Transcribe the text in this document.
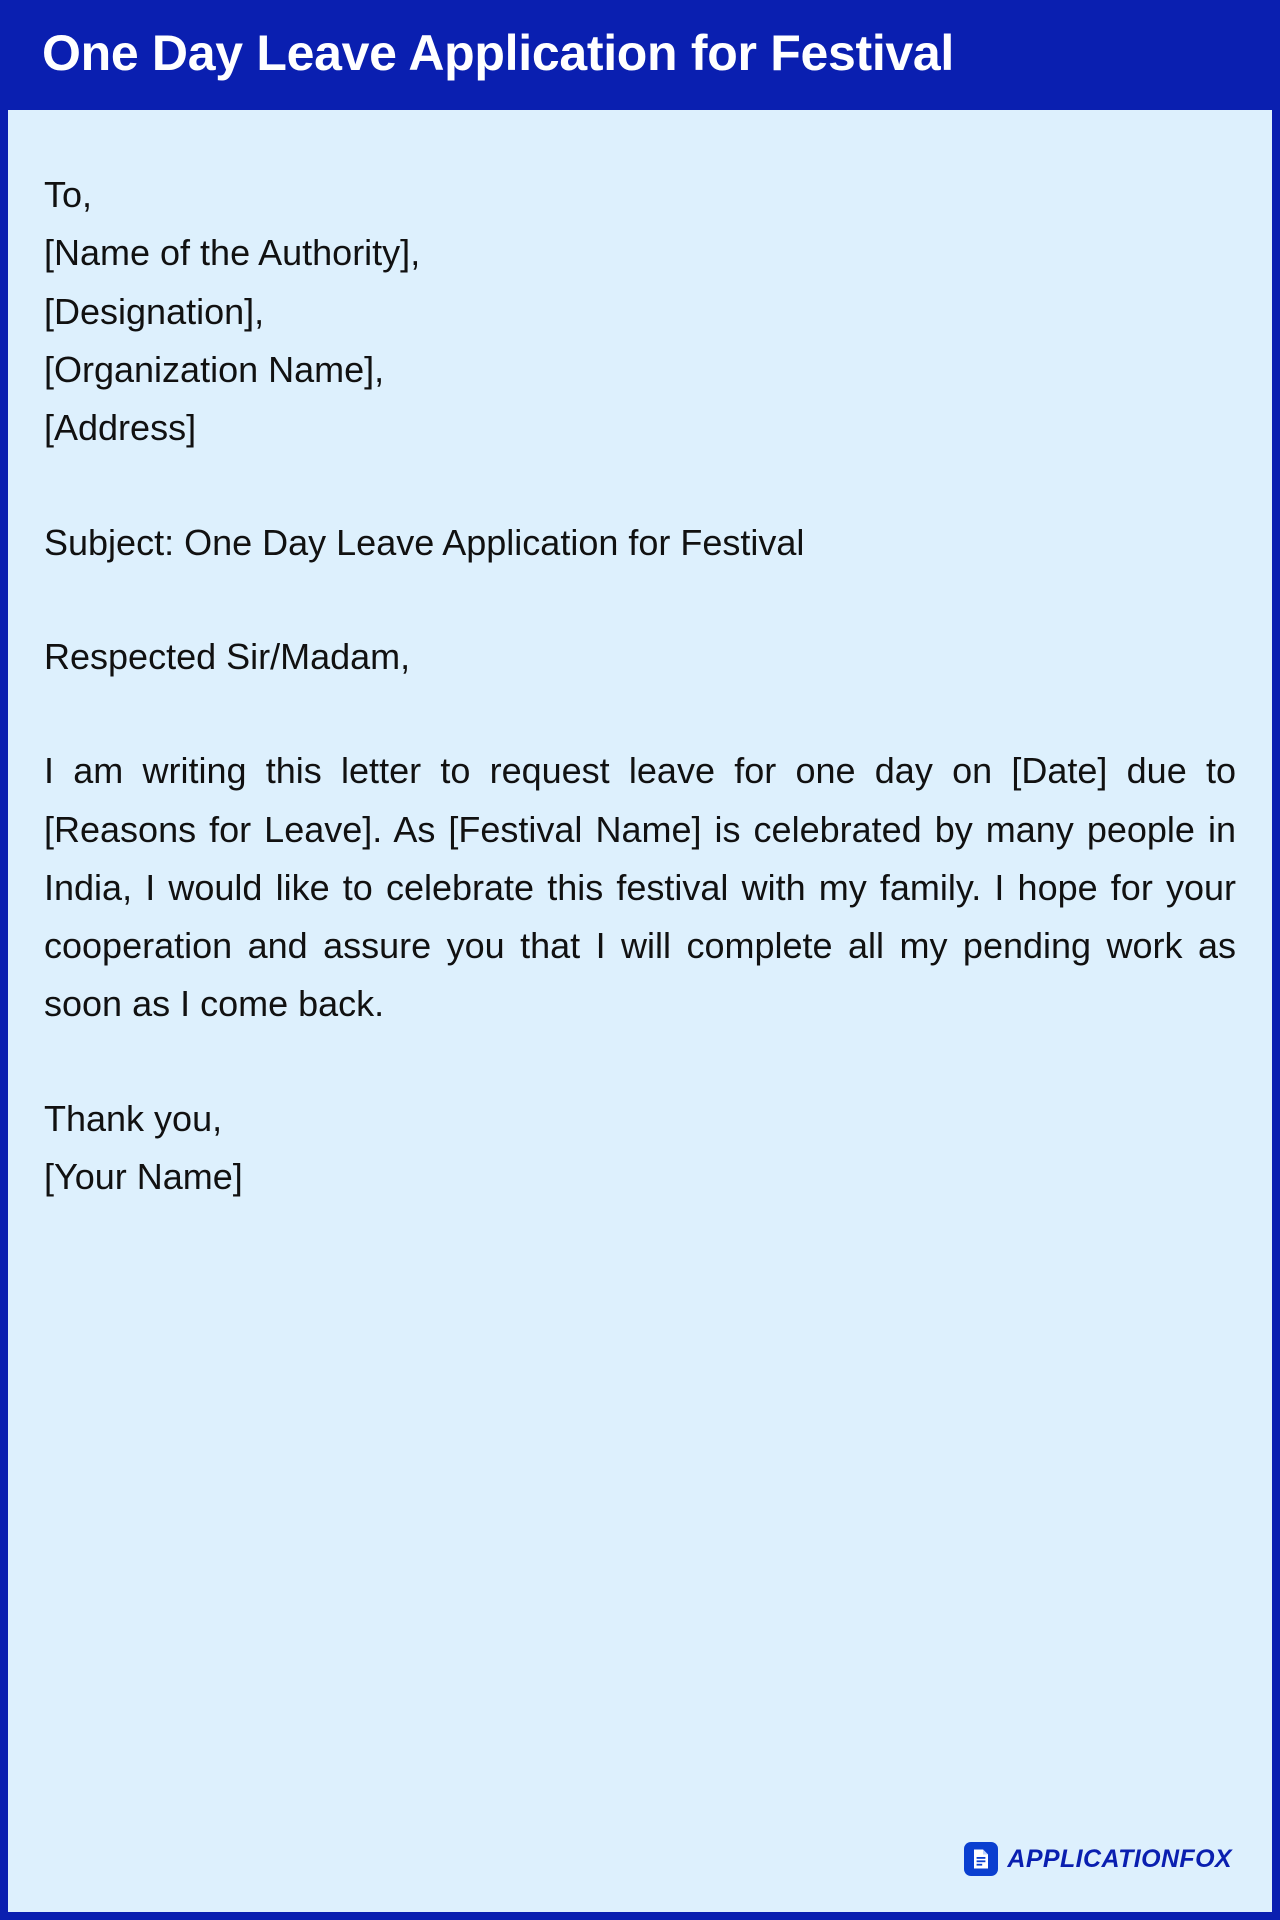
One Day Leave Application for Festival
To,
[Name of the Authority],
[Designation],
[Organization Name],
[Address]
Subject: One Day Leave Application for Festival
Respected Sir/Madam,
I am writing this letter to request leave for one day on [Date] due to [Reasons for Leave]. As [Festival Name] is celebrated by many people in India, I would like to celebrate this festival with my family. I hope for your cooperation and assure you that I will complete all my pending work as soon as I come back.
Thank you,
[Your Name]
APPLICATIONFOX
